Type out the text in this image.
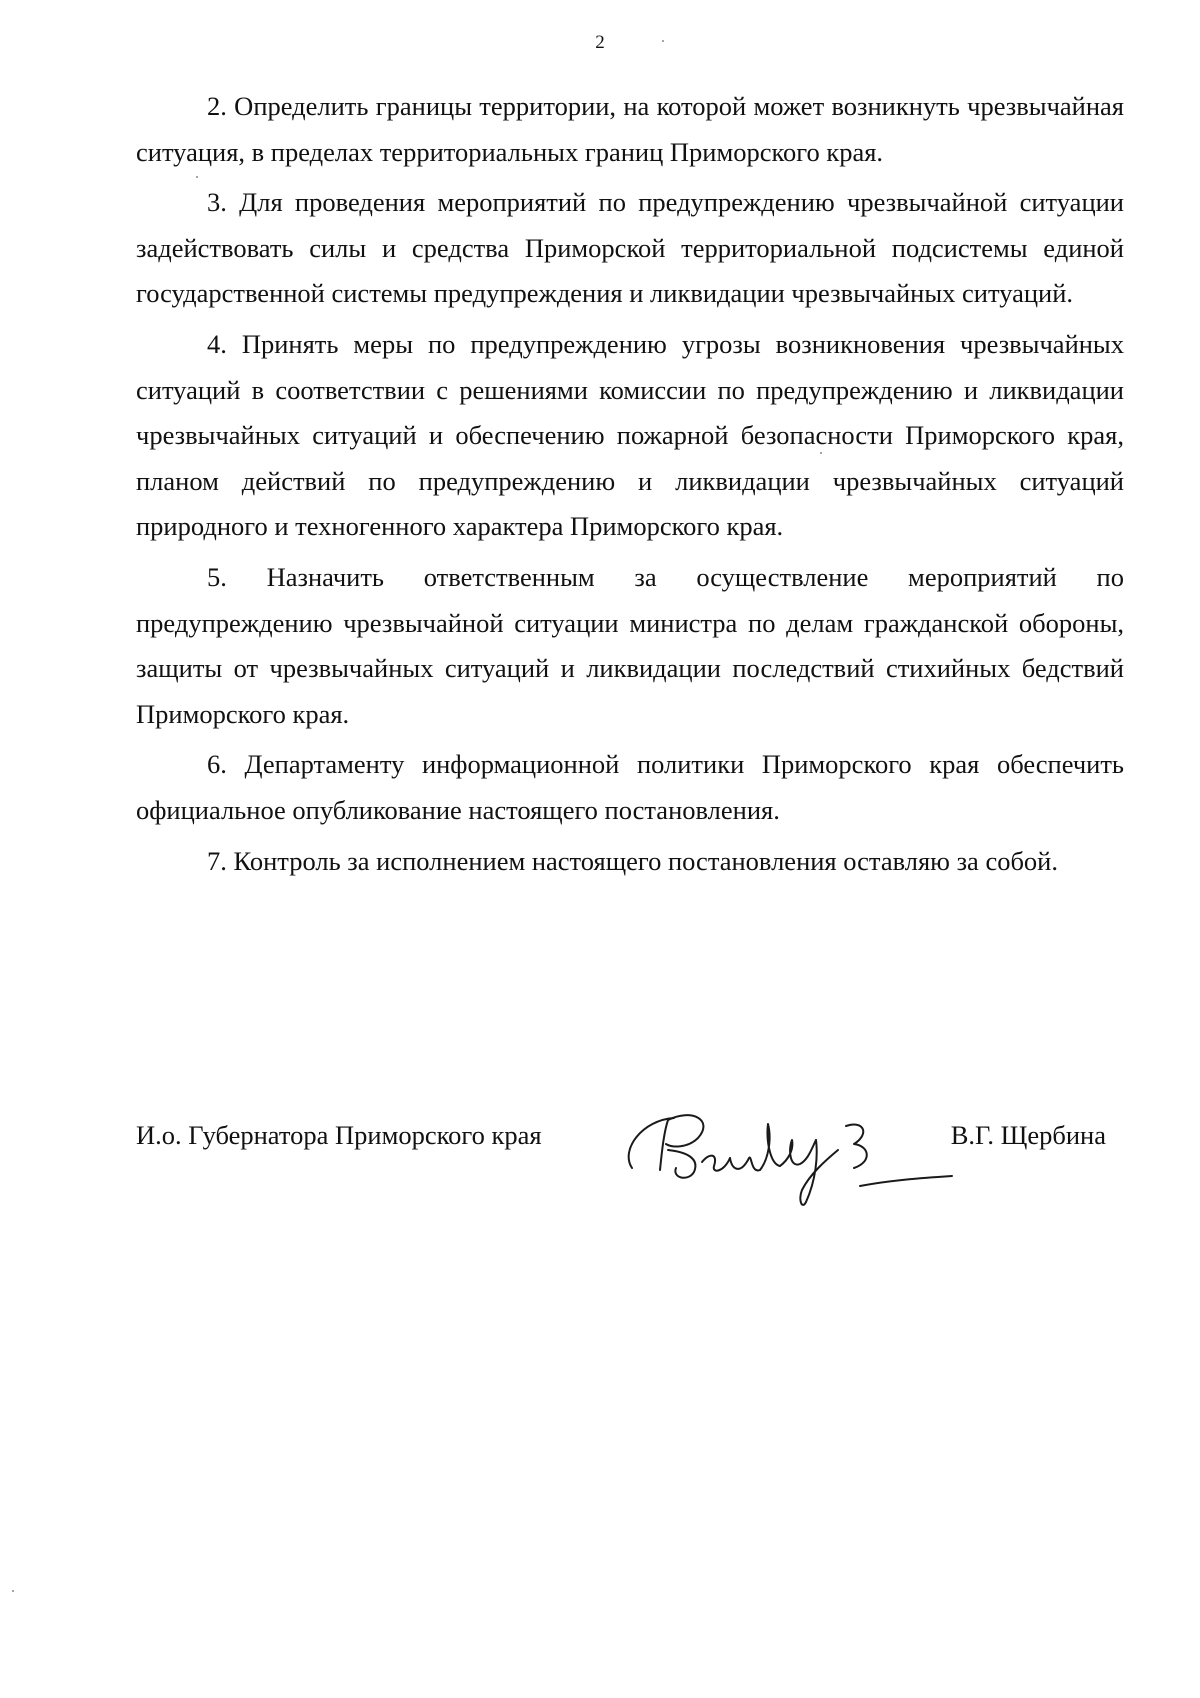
2

2. Определить границы территории, на которой может возникнуть чрезвычайная ситуация, в пределах территориальных границ Приморского края.

3. Для проведения мероприятий по предупреждению чрезвычайной ситуации задействовать силы и средства Приморской территориальной подсистемы единой государственной системы предупреждения и ликвидации чрезвычайных ситуаций.

4. Принять меры по предупреждению угрозы возникновения чрезвычайных ситуаций в соответствии с решениями комиссии по предупреждению и ликвидации чрезвычайных ситуаций и обеспечению пожарной безопасности Приморского края, планом действий по предупреждению и ликвидации чрезвычайных ситуаций природного и техногенного характера Приморского края.

5. Назначить ответственным за осуществление мероприятий по предупреждению чрезвычайной ситуации министра по делам гражданской обороны, защиты от чрезвычайных ситуаций и ликвидации последствий стихийных бедствий Приморского края.

6. Департаменту информационной политики Приморского края обеспечить официальное опубликование настоящего постановления.

7. Контроль за исполнением настоящего постановления оставляю за собой.

И.о. Губернатора Приморского края	В.Г. Щербина
